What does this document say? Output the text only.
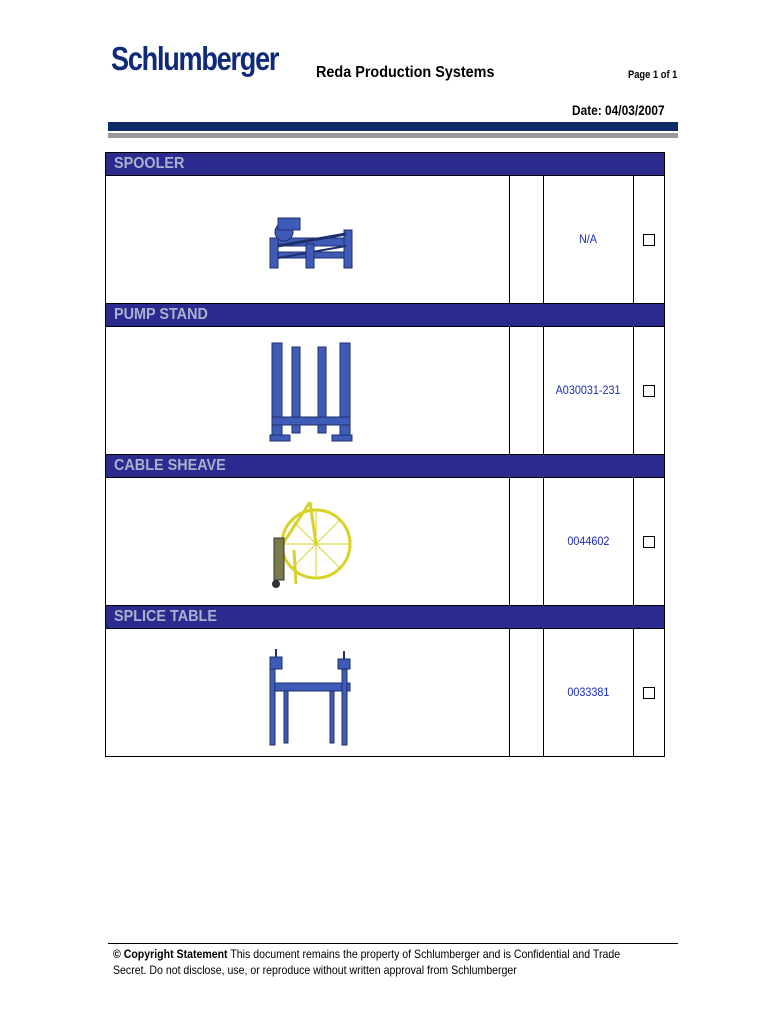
Schlumberger Reda Production Systems	Page 1 of 1
Date: 04/03/2007
SPOOLER
N/A
PUMP STAND
A030031-231
CABLE SHEAVE
0044602
SPLICE TABLE
0033381
© Copyright Statement This document remains the property of Schlumberger and is Confidential and Trade
Secret. Do not disclose, use, or reproduce without written approval from Schlumberger
